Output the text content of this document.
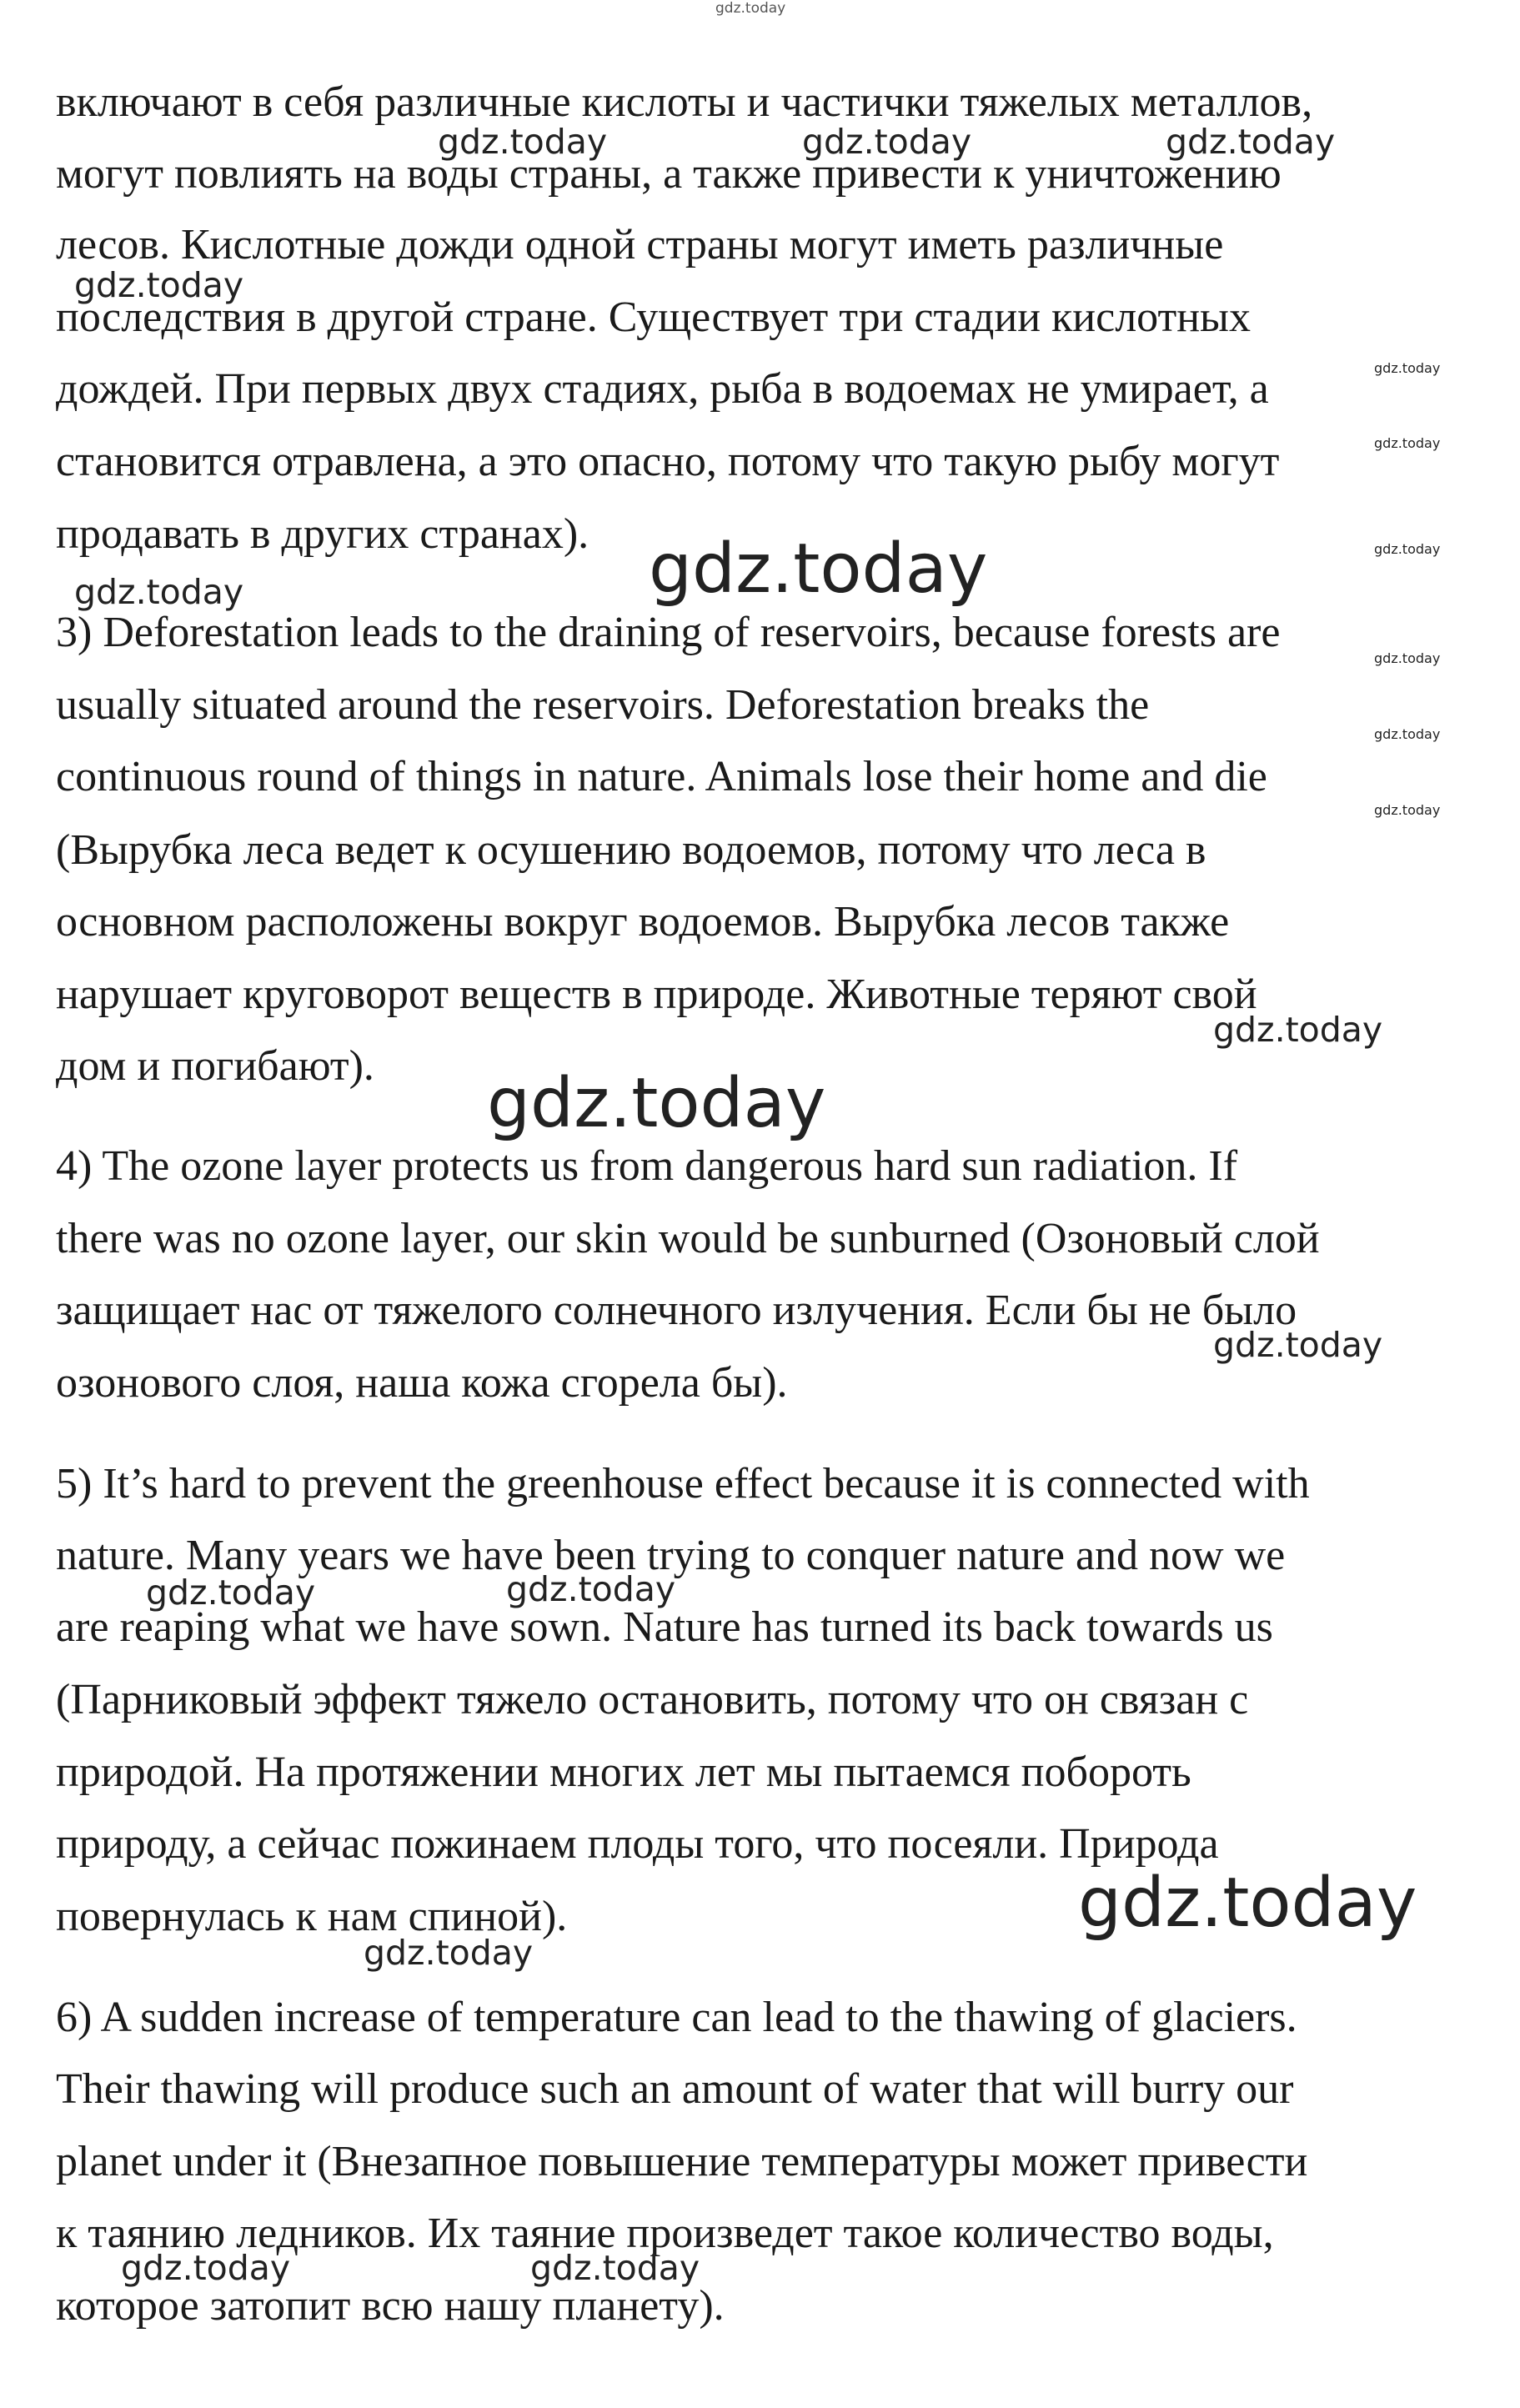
включают в себя различные кислоты и частички тяжелых металлов,
могут повлиять на воды страны, а также привести к уничтожению
лесов. Кислотные дожди одной страны могут иметь различные
последствия в другой стране. Существует три стадии кислотных
дождей. При первых двух стадиях, рыба в водоемах не умирает, а
становится отравлена, а это опасно, потому что такую рыбу могут
продавать в других странах).
3) Deforestation leads to the draining of reservoirs, because forests are
usually situated around the reservoirs. Deforestation breaks the
continuous round of things in nature. Animals lose their home and die
(Вырубка леса ведет к осушению водоемов, потому что леса в
основном расположены вокруг водоемов. Вырубка лесов также
нарушает круговорот веществ в природе. Животные теряют свой
дом и погибают).
4) The ozone layer protects us from dangerous hard sun radiation. If
there was no ozone layer, our skin would be sunburned (Озоновый слой
защищает нас от тяжелого солнечного излучения. Если бы не было
озонового слоя, наша кожа сгорела бы).
5) It’s hard to prevent the greenhouse effect because it is connected with
nature. Many years we have been trying to conquer nature and now we
are reaping what we have sown. Nature has turned its back towards us
(Парниковый эффект тяжело остановить, потому что он связан с
природой. На протяжении многих лет мы пытаемся побороть
природу, а сейчас пожинаем плоды того, что посеяли. Природа
повернулась к нам спиной).
6) A sudden increase of temperature can lead to the thawing of glaciers.
Their thawing will produce such an amount of water that will burry our
planet under it (Внезапное повышение температуры может привести
к таянию ледников. Их таяние произведет такое количество воды,
которое затопит всю нашу планету).
gdz.today
gdz.today	gdz.today	gdz.today
gdz.today
gdz.today
gdz.today
gdz.today
gdz.today
gdz.today
gdz.today
gdz.today
gdz.today
gdz.today
gdz.today
gdz.today
gdz.today	gdz.today
gdz.today
gdz.today
gdz.today	gdz.today
